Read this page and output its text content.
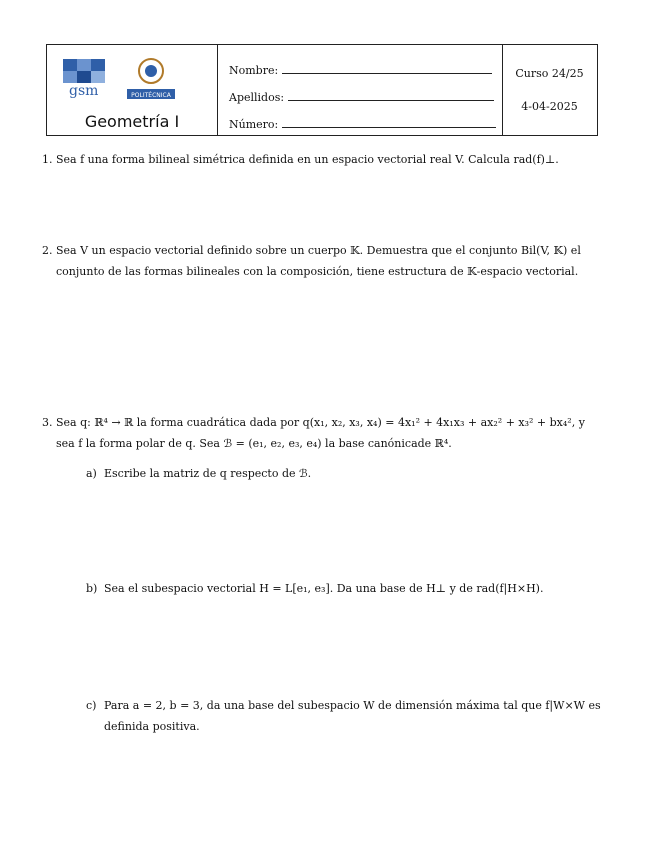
gsm	POLITÉCNICA
Geometría I
Nombre:
Apellidos:
Número:
Curso 24/25
4-04-2025
1. Sea f una forma bilineal simétrica definida en un espacio vectorial real V. Calcula rad(f)⊥.
2. Sea V un espacio vectorial definido sobre un cuerpo 𝕂. Demuestra que el conjunto Bil(V, 𝕂) el conjunto de las formas bilineales con la composición, tiene estructura de 𝕂-espacio vectorial.
3. Sea q: ℝ⁴ → ℝ la forma cuadrática dada por q(x₁, x₂, x₃, x₄) = 4x₁² + 4x₁x₃ + ax₂² + x₃² + bx₄², y sea f la forma polar de q. Sea ℬ = (e₁, e₂, e₃, e₄) la base canónicade ℝ⁴.
a) Escribe la matriz de q respecto de ℬ.
b) Sea el subespacio vectorial H = L[e₁, e₃]. Da una base de H⊥ y de rad(f|H×H).
c) Para a = 2, b = 3, da una base del subespacio W de dimensión máxima tal que f|W×W es definida positiva.
